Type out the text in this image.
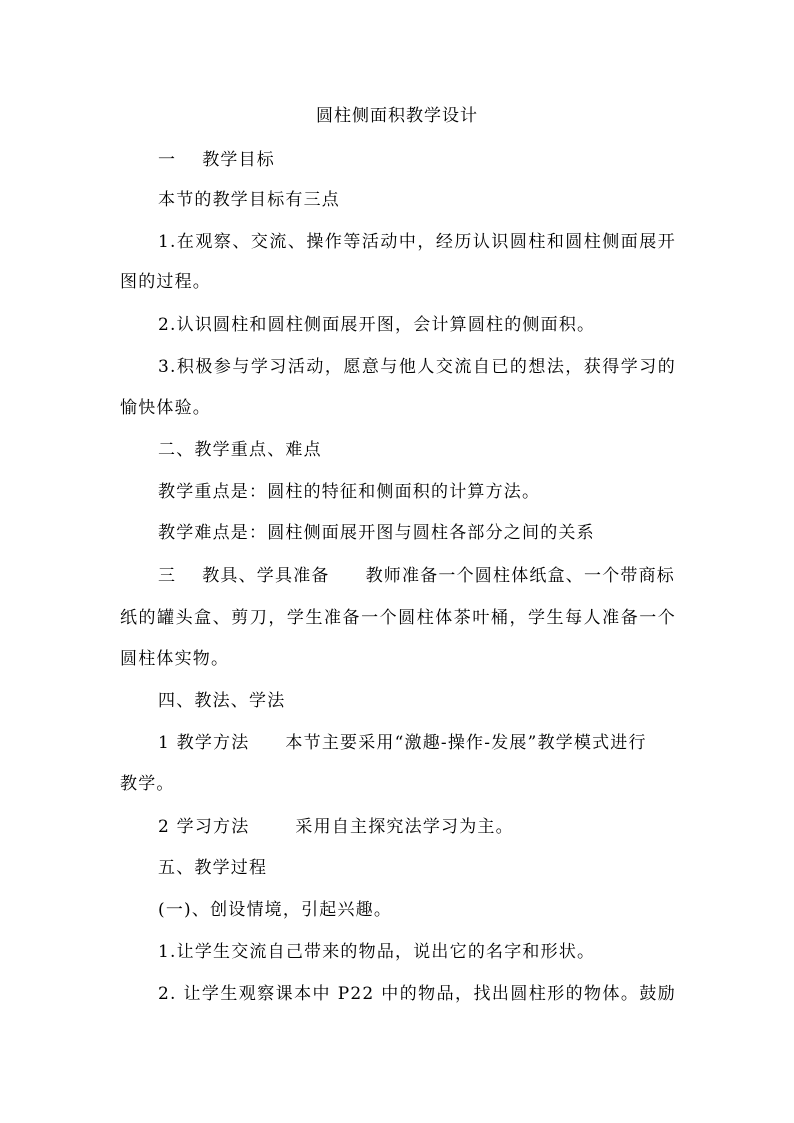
圆柱侧面积教学设计
一 教学目标
本节的教学目标有三点
1.在观察、交流、操作等活动中，经历认识圆柱和圆柱侧面展开
图的过程。
2.认识圆柱和圆柱侧面展开图，会计算圆柱的侧面积。
3.积极参与学习活动，愿意与他人交流自已的想法，获得学习的
愉快体验。
二、教学重点、难点
教学重点是：圆柱的特征和侧面积的计算方法。
教学难点是：圆柱侧面展开图与圆柱各部分之间的关系
三 教具、学具准备 教师准备一个圆柱体纸盒、一个带商标
纸的罐头盒、剪刀，学生准备一个圆柱体茶叶桶，学生每人准备一个
圆柱体实物。
四、教法、学法
1 教学方法 本节主要采用“激趣-操作-发展”教学模式进行
教学。
2 学习方法	采用自主探究法学习为主。
五、教学过程
(一)、创设情境，引起兴趣。
1.让学生交流自己带来的物品，说出它的名字和形状。
2. 让学生观察课本中 P22 中的物品，找出圆柱形的物体。鼓励
